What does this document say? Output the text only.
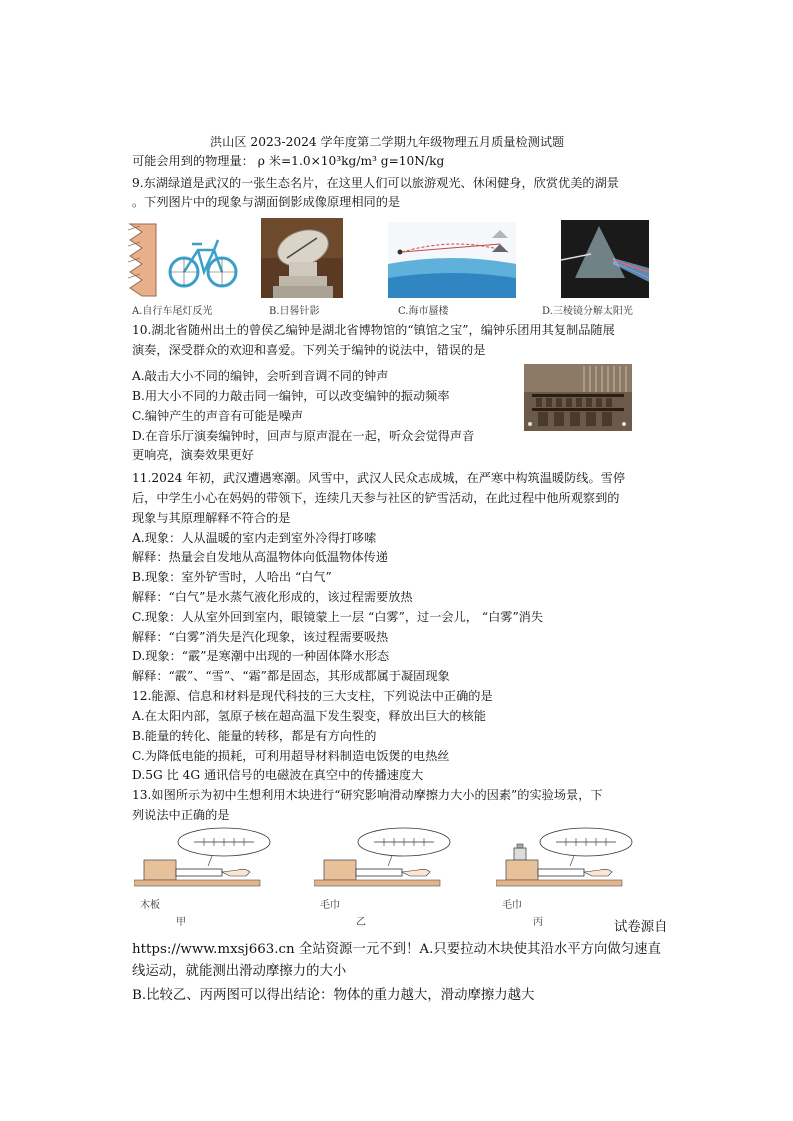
洪山区 2023-2024 学年度第二学期九年级物理五月质量检测试题
可能会用到的物理量： ρ 米=1.0×10³kg/m³ g=10N/kg
9.东湖绿道是武汉的一张生态名片，在这里人们可以旅游观光、休闲健身，欣赏优美的湖景
。下列图片中的现象与湖面倒影成像原理相同的是
A.自行车尾灯反光	B.日晷针影	C.海市蜃楼	D.三棱镜分解太阳光
10.湖北省随州出土的曾侯乙编钟是湖北省博物馆的“镇馆之宝”，编钟乐团用其复制品随展
演奏，深受群众的欢迎和喜爱。下列关于编钟的说法中，错误的是
A.敲击大小不同的编钟，会听到音调不同的钟声
B.用大小不同的力敲击同一编钟，可以改变编钟的振动频率
C.编钟产生的声音有可能是噪声
D.在音乐厅演奏编钟时，回声与原声混在一起，听众会觉得声音
更响亮，演奏效果更好
11.2024 年初，武汉遭遇寒潮。风雪中，武汉人民众志成城，在严寒中构筑温暖防线。雪停
后，中学生小心在妈妈的带领下，连续几天参与社区的铲雪活动，在此过程中他所观察到的
现象与其原理解释不符合的是
A.现象：人从温暖的室内走到室外冷得打哆嗦
解释：热量会自发地从高温物体向低温物体传递
B.现象：室外铲雪时，人哈出 “白气”
解释：“白气”是水蒸气液化形成的，该过程需要放热
C.现象：人从室外回到室内，眼镜蒙上一层 “白雾”，过一会儿， “白雾”消失
解释：“白雾”消失是汽化现象，该过程需要吸热
D.现象：“霰”是寒潮中出现的一种固体降水形态
解释：“霰”、“雪”、“霜”都是固态，其形成都属于凝固现象
12.能源、信息和材料是现代科技的三大支柱，下列说法中正确的是
A.在太阳内部，氢原子核在超高温下发生裂变，释放出巨大的核能
B.能量的转化、能量的转移，都是有方向性的
C.为降低电能的损耗，可利用超导材料制造电饭煲的电热丝
D.5G 比 4G 通讯信号的电磁波在真空中的传播速度大
13.如图所示为初中生想利用木块进行“研究影响滑动摩擦力大小的因素”的实验场景，下
列说法中正确的是
木板
甲
毛巾
乙
毛巾
丙	试卷源自
https://www.mxsj663.cn 全站资源一元不到！A.只要拉动木块使其沿水平方向做匀速直
线运动，就能测出滑动摩擦力的大小
B.比较乙、丙两图可以得出结论：物体的重力越大，滑动摩擦力越大
